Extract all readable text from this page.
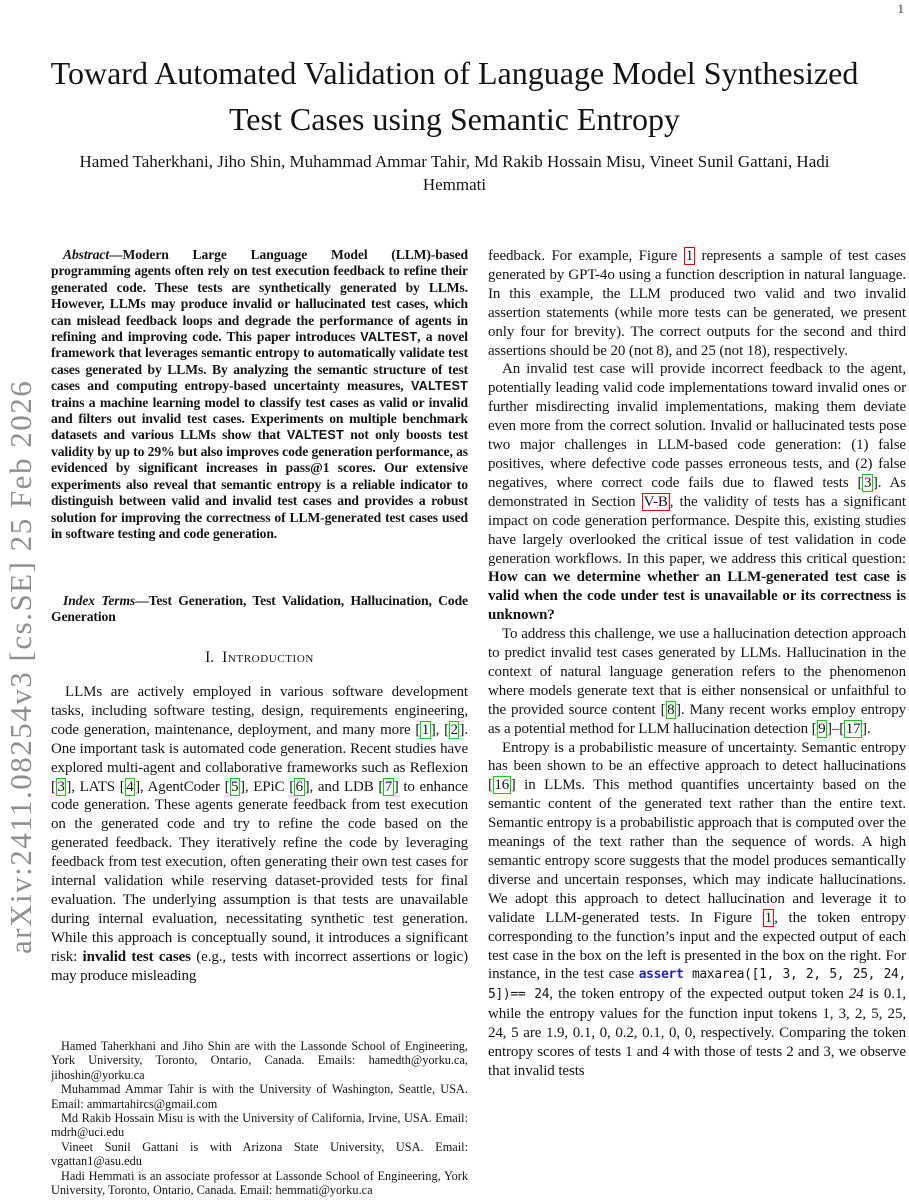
1
arXiv:2411.08254v3 [cs.SE] 25 Feb 2026
Toward Automated Validation of Language Model Synthesized Test Cases using Semantic Entropy
Hamed Taherkhani, Jiho Shin, Muhammad Ammar Tahir, Md Rakib Hossain Misu, Vineet Sunil Gattani, Hadi Hemmati
Abstract—Modern Large Language Model (LLM)-based programming agents often rely on test execution feedback to refine their generated code. These tests are synthetically generated by LLMs. However, LLMs may produce invalid or hallucinated test cases, which can mislead feedback loops and degrade the performance of agents in refining and improving code. This paper introduces VALTEST, a novel framework that leverages semantic entropy to automatically validate test cases generated by LLMs. By analyzing the semantic structure of test cases and computing entropy-based uncertainty measures, VALTEST trains a machine learning model to classify test cases as valid or invalid and filters out invalid test cases. Experiments on multiple benchmark datasets and various LLMs show that VALTEST not only boosts test validity by up to 29% but also improves code generation performance, as evidenced by significant increases in pass@1 scores. Our extensive experiments also reveal that semantic entropy is a reliable indicator to distinguish between valid and invalid test cases and provides a robust solution for improving the correctness of LLM-generated test cases used in software testing and code generation.
Index Terms—Test Generation, Test Validation, Hallucination, Code Generation
I. Introduction
LLMs are actively employed in various software development tasks, including software testing, design, requirements engineering, code generation, maintenance, deployment, and many more [ 1 ], [ 2 ]. One important task is automated code generation. Recent studies have explored multi-agent and collaborative frameworks such as Reflexion [ 3 ], LATS [ 4 ], AgentCoder [ 5 ], EPiC [ 6 ], and LDB [ 7 ] to enhance code generation. These agents generate feedback from test execution on the generated code and try to refine the code based on the generated feedback. They iteratively refine the code by leveraging feedback from test execution, often generating their own test cases for internal validation while reserving dataset-provided tests for final evaluation. The underlying assumption is that tests are unavailable during internal evaluation, necessitating synthetic test generation. While this approach is conceptually sound, it introduces a significant risk: invalid test cases (e.g., tests with incorrect assertions or logic) may produce misleading

Hamed Taherkhani and Jiho Shin are with the Lassonde School of Engineering, York University, Toronto, Ontario, Canada. Emails: hamedth@yorku.ca, jihoshin@yorku.ca

Muhammad Ammar Tahir is with the University of Washington, Seattle, USA. Email: ammartahircs@gmail.com

Md Rakib Hossain Misu is with the University of California, Irvine, USA. Email: mdrh@uci.edu

Vineet Sunil Gattani is with Arizona State University, USA. Email: vgattan1@asu.edu

Hadi Hemmati is an associate professor at Lassonde School of Engineering, York University, Toronto, Ontario, Canada. Email: hemmati@yorku.ca

feedback. For example, Figure 1 represents a sample of test cases generated by GPT-4o using a function description in natural language. In this example, the LLM produced two valid and two invalid assertion statements (while more tests can be generated, we present only four for brevity). The correct outputs for the second and third assertions should be 20 (not 8), and 25 (not 18), respectively.

An invalid test case will provide incorrect feedback to the agent, potentially leading valid code implementations toward invalid ones or further misdirecting invalid implementations, making them deviate even more from the correct solution. Invalid or hallucinated tests pose two major challenges in LLM-based code generation: (1) false positives, where defective code passes erroneous tests, and (2) false negatives, where correct code fails due to flawed tests [ 3 ]. As demonstrated in Section V-B , the validity of tests has a significant impact on code generation performance. Despite this, existing studies have largely overlooked the critical issue of test validation in code generation workflows. In this paper, we address this critical question: How can we determine whether an LLM-generated test case is valid when the code under test is unavailable or its correctness is unknown?

To address this challenge, we use a hallucination detection approach to predict invalid test cases generated by LLMs. Hallucination in the context of natural language generation refers to the phenomenon where models generate text that is either nonsensical or unfaithful to the provided source content [ 8 ]. Many recent works employ entropy as a potential method for LLM hallucination detection [ 9 ]–[ 17 ].

Entropy is a probabilistic measure of uncertainty. Semantic entropy has been shown to be an effective approach to detect hallucinations [ 16 ] in LLMs. This method quantifies uncertainty based on the semantic content of the generated text rather than the entire text. Semantic entropy is a probabilistic approach that is computed over the meanings of the text rather than the sequence of words. A high semantic entropy score suggests that the model produces semantically diverse and uncertain responses, which may indicate hallucinations. We adopt this approach to detect hallucination and leverage it to validate LLM-generated tests. In Figure 1 , the token entropy corresponding to the function’s input and the expected output of each test case in the box on the left is presented in the box on the right. For instance, in the test case assert maxarea([1, 3, 2, 5, 25, 24, 5])== 24, the token entropy of the expected output token 24 is 0.1, while the entropy values for the function input tokens 1, 3, 2, 5, 25, 24, 5 are 1.9, 0.1, 0, 0.2, 0.1, 0, 0, respectively. Comparing the token entropy scores of tests 1 and 4 with those of tests 2 and 3, we observe that invalid tests
